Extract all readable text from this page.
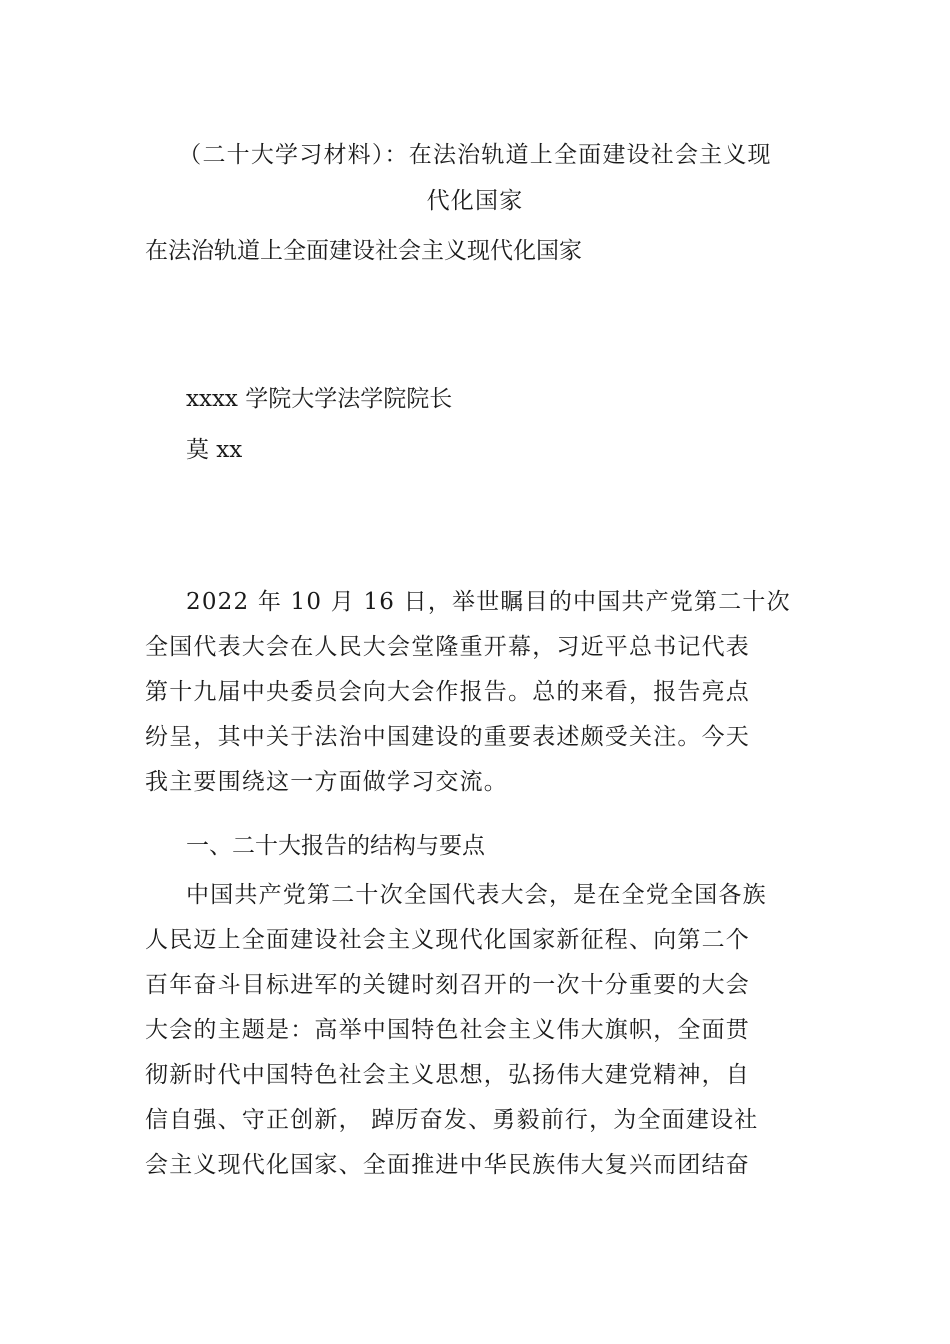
（二十大学习材料）：在法治轨道上全面建设社会主义现
代化国家
在法治轨道上全面建设社会主义现代化国家
xxxx 学院大学法学院院长
莫 xx
2022 年 10 月 16 日，举世瞩目的中国共产党第二十次
全国代表大会在人民大会堂隆重开幕，习近平总书记代表
第十九届中央委员会向大会作报告。总的来看，报告亮点
纷呈，其中关于法治中国建设的重要表述颇受关注。今天
我主要围绕这一方面做学习交流。
一、二十大报告的结构与要点
中国共产党第二十次全国代表大会，是在全党全国各族
人民迈上全面建设社会主义现代化国家新征程、向第二个
百年奋斗目标进军的关键时刻召开的一次十分重要的大会
大会的主题是：高举中国特色社会主义伟大旗帜，全面贯
彻新时代中国特色社会主义思想，弘扬伟大建党精神，自
信自强、守正创新， 踔厉奋发、勇毅前行，为全面建设社
会主义现代化国家、全面推进中华民族伟大复兴而团结奋
